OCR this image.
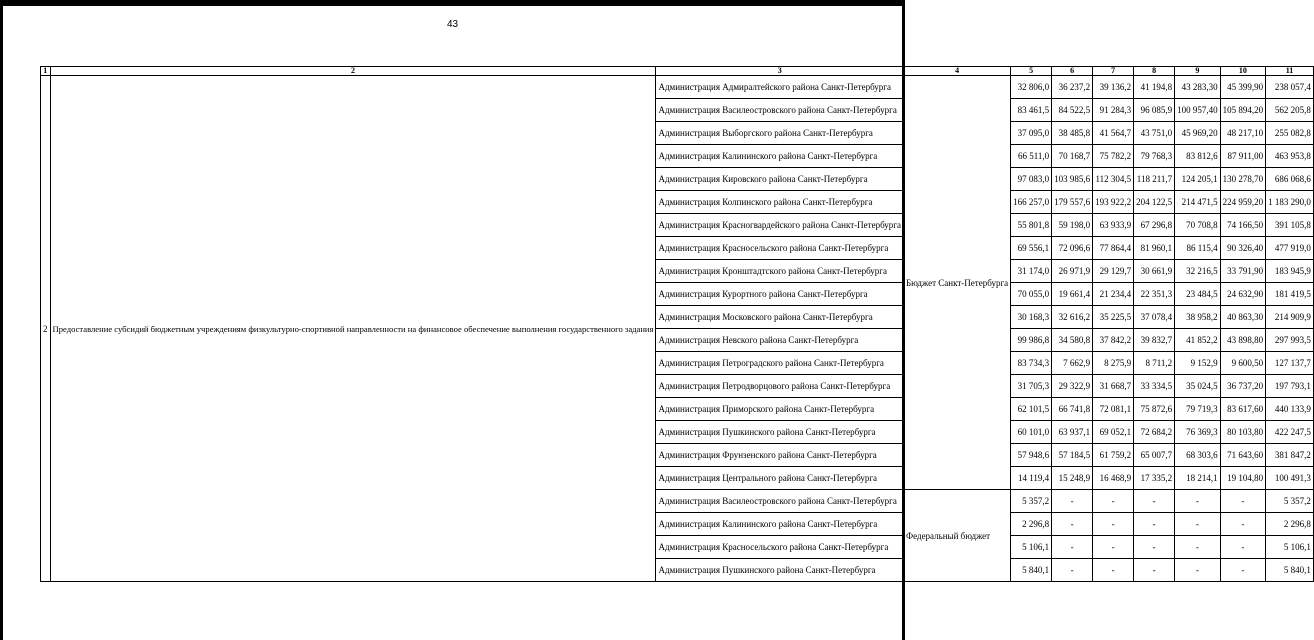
43
1	2	3	4	5	6	7	8	9	10	11
2	Предоставление субсидий бюджетным учреждениям физкультурно-спортивной направленности на финансовое обеспечение выполнения государственного задания	Администрация Адмиралтейского района Санкт-Петербурга	Бюджет Санкт-Петербурга	32 806,0	36 237,2	39 136,2	41 194,8	43 283,30	45 399,90	238 057,4
		Администрация Василеостровского района Санкт-Петербурга		83 461,5	84 522,5	91 284,3	96 085,9	100 957,40	105 894,20	562 205,8
		Администрация Выборгского района Санкт-Петербурга		37 095,0	38 485,8	41 564,7	43 751,0	45 969,20	48 217,10	255 082,8
		Администрация Калининского района Санкт-Петербурга		66 511,0	70 168,7	75 782,2	79 768,3	83 812,6	87 911,00	463 953,8
		Администрация Кировского района Санкт-Петербурга		97 083,0	103 985,6	112 304,5	118 211,7	124 205,1	130 278,70	686 068,6
		Администрация Колпинского района Санкт-Петербурга		166 257,0	179 557,6	193 922,2	204 122,5	214 471,5	224 959,20	1 183 290,0
		Администрация Красногвардейского района Санкт-Петербурга		55 801,8	59 198,0	63 933,9	67 296,8	70 708,8	74 166,50	391 105,8
		Администрация Красносельского района Санкт-Петербурга		69 556,1	72 096,6	77 864,4	81 960,1	86 115,4	90 326,40	477 919,0
		Администрация Кронштадтского района Санкт-Петербурга		31 174,0	26 971,9	29 129,7	30 661,9	32 216,5	33 791,90	183 945,9
		Администрация Курортного района Санкт-Петербурга		70 055,0	19 661,4	21 234,4	22 351,3	23 484,5	24 632,90	181 419,5
		Администрация Московского района Санкт-Петербурга		30 168,3	32 616,2	35 225,5	37 078,4	38 958,2	40 863,30	214 909,9
		Администрация Невского района Санкт-Петербурга		99 986,8	34 580,8	37 842,2	39 832,7	41 852,2	43 898,80	297 993,5
		Администрация Петроградского района Санкт-Петербурга		83 734,3	7 662,9	8 275,9	8 711,2	9 152,9	9 600,50	127 137,7
		Администрация Петродворцового района Санкт-Петербурга		31 705,3	29 322,9	31 668,7	33 334,5	35 024,5	36 737,20	197 793,1
		Администрация Приморского района Санкт-Петербурга		62 101,5	66 741,8	72 081,1	75 872,6	79 719,3	83 617,60	440 133,9
		Администрация Пушкинского района Санкт-Петербурга		60 101,0	63 937,1	69 052,1	72 684,2	76 369,3	80 103,80	422 247,5
		Администрация Фрунзенского района Санкт-Петербурга		57 948,6	57 184,5	61 759,2	65 007,7	68 303,6	71 643,60	381 847,2
		Администрация Центрального района Санкт-Петербурга		14 119,4	15 248,9	16 468,9	17 335,2	18 214,1	19 104,80	100 491,3
		Администрация Василеостровского района Санкт-Петербурга	Федеральный бюджет	5 357,2	-	-	-	-	-	5 357,2
		Администрация Калининского района Санкт-Петербурга		2 296,8	-	-	-	-	-	2 296,8
		Администрация Красносельского района Санкт-Петербурга		5 106,1	-	-	-	-	-	5 106,1
		Администрация Пушкинского района Санкт-Петербурга		5 840,1	-	-	-	-	-	5 840,1
